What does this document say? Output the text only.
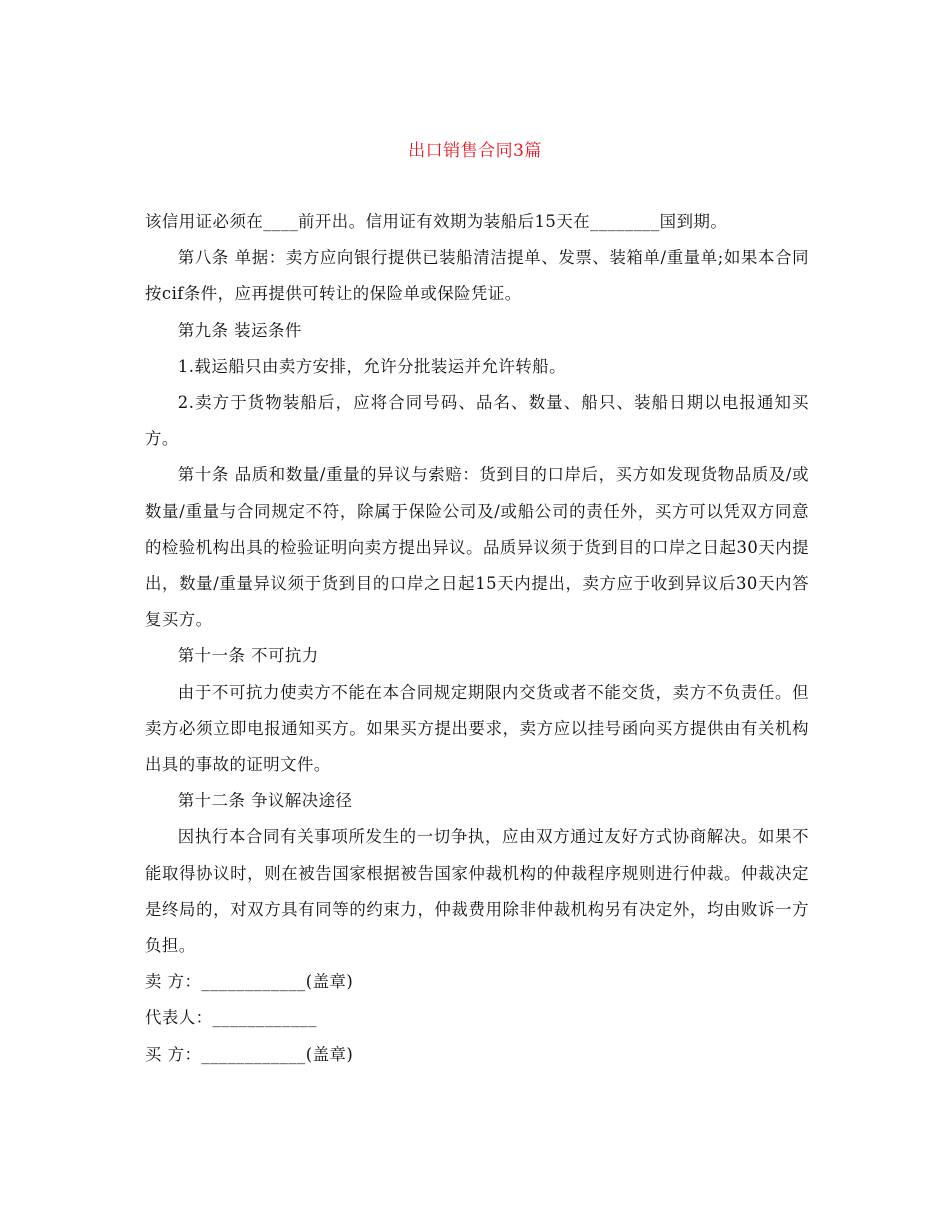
出口销售合同3篇

该信用证必须在____前开出。信用证有效期为装船后15天在________国到期。

第八条 单据：卖方应向银行提供已装船清洁提单、发票、装箱单/重量单;如果本合同按cif条件，应再提供可转让的保险单或保险凭证。

第九条 装运条件

1.载运船只由卖方安排，允许分批装运并允许转船。

2.卖方于货物装船后，应将合同号码、品名、数量、船只、装船日期以电报通知买方。

第十条 品质和数量/重量的异议与索赔：货到目的口岸后，买方如发现货物品质及/或数量/重量与合同规定不符，除属于保险公司及/或船公司的责任外，买方可以凭双方同意的检验机构出具的检验证明向卖方提出异议。品质异议须于货到目的口岸之日起30天内提出，数量/重量异议须于货到目的口岸之日起15天内提出，卖方应于收到异议后30天内答复买方。

第十一条 不可抗力

由于不可抗力使卖方不能在本合同规定期限内交货或者不能交货，卖方不负责任。但卖方必须立即电报通知买方。如果买方提出要求，卖方应以挂号函向买方提供由有关机构出具的事故的证明文件。

第十二条 争议解决途径

因执行本合同有关事项所发生的一切争执，应由双方通过友好方式协商解决。如果不能取得协议时，则在被告国家根据被告国家仲裁机构的仲裁程序规则进行仲裁。仲裁决定是终局的，对双方具有同等的约束力，仲裁费用除非仲裁机构另有决定外，均由败诉一方负担。

卖 方：____________(盖章)

代表人：____________

买 方：____________(盖章)
